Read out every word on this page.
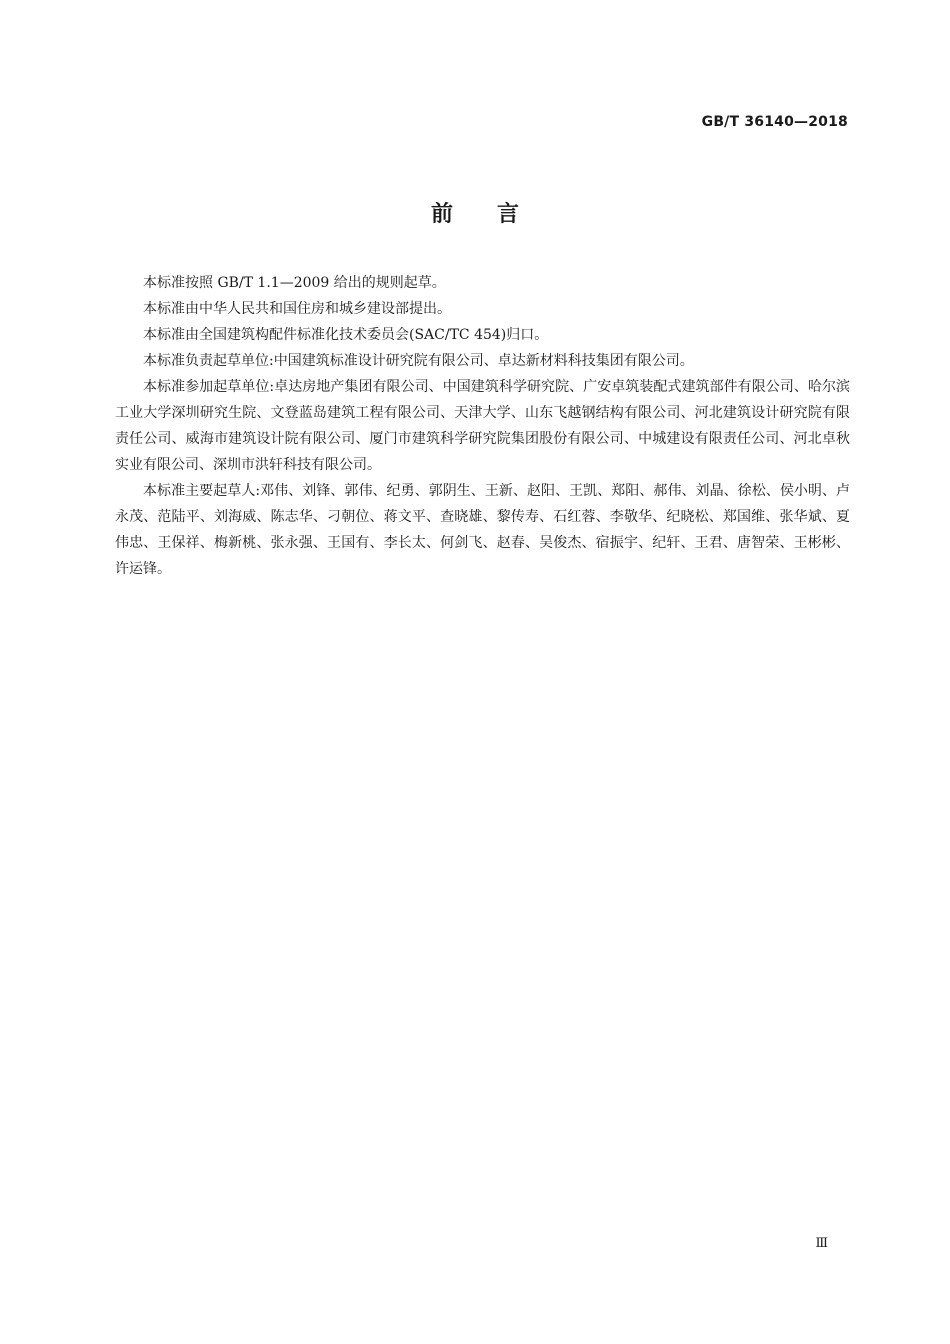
GB/T 36140—2018
前言

本标准按照 GB/T 1.1—2009 给出的规则起草。

本标准由中华人民共和国住房和城乡建设部提出。

本标准由全国建筑构配件标准化技术委员会(SAC/TC 454)归口。

本标准负责起草单位:中国建筑标准设计研究院有限公司、卓达新材料科技集团有限公司。

本标准参加起草单位:卓达房地产集团有限公司、中国建筑科学研究院、广安卓筑装配式建筑部件有限公司、哈尔滨工业大学深圳研究生院、文登蓝岛建筑工程有限公司、天津大学、山东飞越钢结构有限公司、河北建筑设计研究院有限责任公司、威海市建筑设计院有限公司、厦门市建筑科学研究院集团股份有限公司、中城建设有限责任公司、河北卓秋实业有限公司、深圳市洪轩科技有限公司。

本标准主要起草人:邓伟、刘锋、郭伟、纪勇、郭阴生、王新、赵阳、王凯、郑阳、郝伟、刘晶、徐松、侯小明、卢永茂、范陆平、刘海威、陈志华、刁朝位、蒋文平、查晓雄、黎传寿、石红蓉、李敬华、纪晓松、郑国维、张华斌、夏伟忠、王保祥、梅新桃、张永强、王国有、李长太、何剑飞、赵春、吴俊杰、宿振宇、纪轩、王君、唐智荣、王彬彬、许运锋。

Ⅲ
